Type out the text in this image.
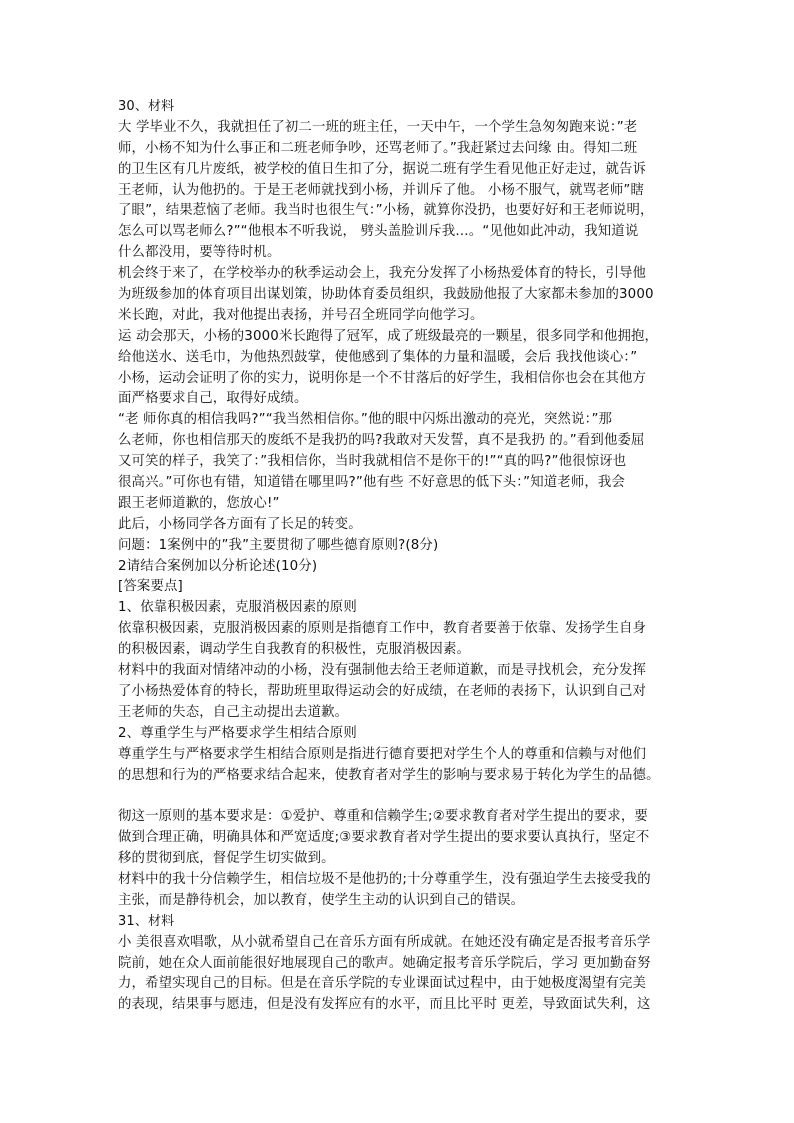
30、材料
大 学毕业不久，我就担任了初二一班的班主任，一天中午，一个学生急匆匆跑来说：”老
师，小杨不知为什么事正和二班老师争吵，还骂老师了。”我赶紧过去问缘 由。得知二班
的卫生区有几片废纸，被学校的值日生扣了分，据说二班有学生看见他正好走过，就告诉
王老师，认为他扔的。于是王老师就找到小杨，并训斥了他。 小杨不服气，就骂老师”瞎
了眼”，结果惹恼了老师。我当时也很生气：”小杨，就算你没扔，也要好好和王老师说明，
怎么可以骂老师么?”“他根本不听我说， 劈头盖脸训斥我…。“见他如此冲动，我知道说
什么都没用，要等待时机。
机会终于来了，在学校举办的秋季运动会上，我充分发挥了小杨热爱体育的特长，引导他
为班级参加的体育项目出谋划策，协助体育委员组织，我鼓励他报了大家都未参加的3000
米长跑，对此，我对他提出表扬，并号召全班同学向他学习。
运 动会那天，小杨的3000米长跑得了冠军，成了班级最亮的一颗星，很多同学和他拥抱，
给他送水、送毛巾，为他热烈鼓掌，使他感到了集体的力量和温暖，会后 我找他谈心：”
小杨，运动会证明了你的实力，说明你是一个不甘落后的好学生，我相信你也会在其他方
面严格要求自己，取得好成绩。
“老 师你真的相信我吗?”“我当然相信你。”他的眼中闪烁出激动的亮光，突然说：”那
么老师，你也相信那天的废纸不是我扔的吗?我敢对天发誓，真不是我扔 的。”看到他委屈
又可笑的样子，我笑了：”我相信你，当时我就相信不是你干的!”“真的吗?”他很惊讶也
很高兴。”可你也有错，知道错在哪里吗?”他有些 不好意思的低下头：”知道老师，我会
跟王老师道歉的，您放心!”
此后，小杨同学各方面有了长足的转变。
问题：1案例中的”我”主要贯彻了哪些德育原则?(8分)
2请结合案例加以分析论述(10分)
[答案要点]
1、依靠积极因素，克服消极因素的原则
依靠积极因素，克服消极因素的原则是指德育工作中，教育者要善于依靠、发扬学生自身
的积极因素，调动学生自我教育的积极性，克服消极因素。
材料中的我面对情绪冲动的小杨，没有强制他去给王老师道歉，而是寻找机会，充分发挥
了小杨热爱体育的特长，帮助班里取得运动会的好成绩，在老师的表扬下，认识到自己对
王老师的失态，自己主动提出去道歉。
2、尊重学生与严格要求学生相结合原则
尊重学生与严格要求学生相结合原则是指进行德育要把对学生个人的尊重和信赖与对他们
的思想和行为的严格要求结合起来，使教育者对学生的影响与要求易于转化为学生的品德。
彻这一原则的基本要求是：①爱护、尊重和信赖学生;②要求教育者对学生提出的要求，要
做到合理正确，明确具体和严宽适度;③要求教育者对学生提出的要求要认真执行，坚定不
移的贯彻到底，督促学生切实做到。
材料中的我十分信赖学生，相信垃圾不是他扔的;十分尊重学生，没有强迫学生去接受我的
主张，而是静待机会，加以教育，使学生主动的认识到自己的错误。
31、材料
小 美很喜欢唱歌，从小就希望自己在音乐方面有所成就。在她还没有确定是否报考音乐学
院前，她在众人面前能很好地展现自己的歌声。她确定报考音乐学院后，学习 更加勤奋努
力，希望实现自己的目标。但是在音乐学院的专业课面试过程中，由于她极度渴望有完美
的表现，结果事与愿违，但是没有发挥应有的水平，而且比平时 更差，导致面试失利，这
